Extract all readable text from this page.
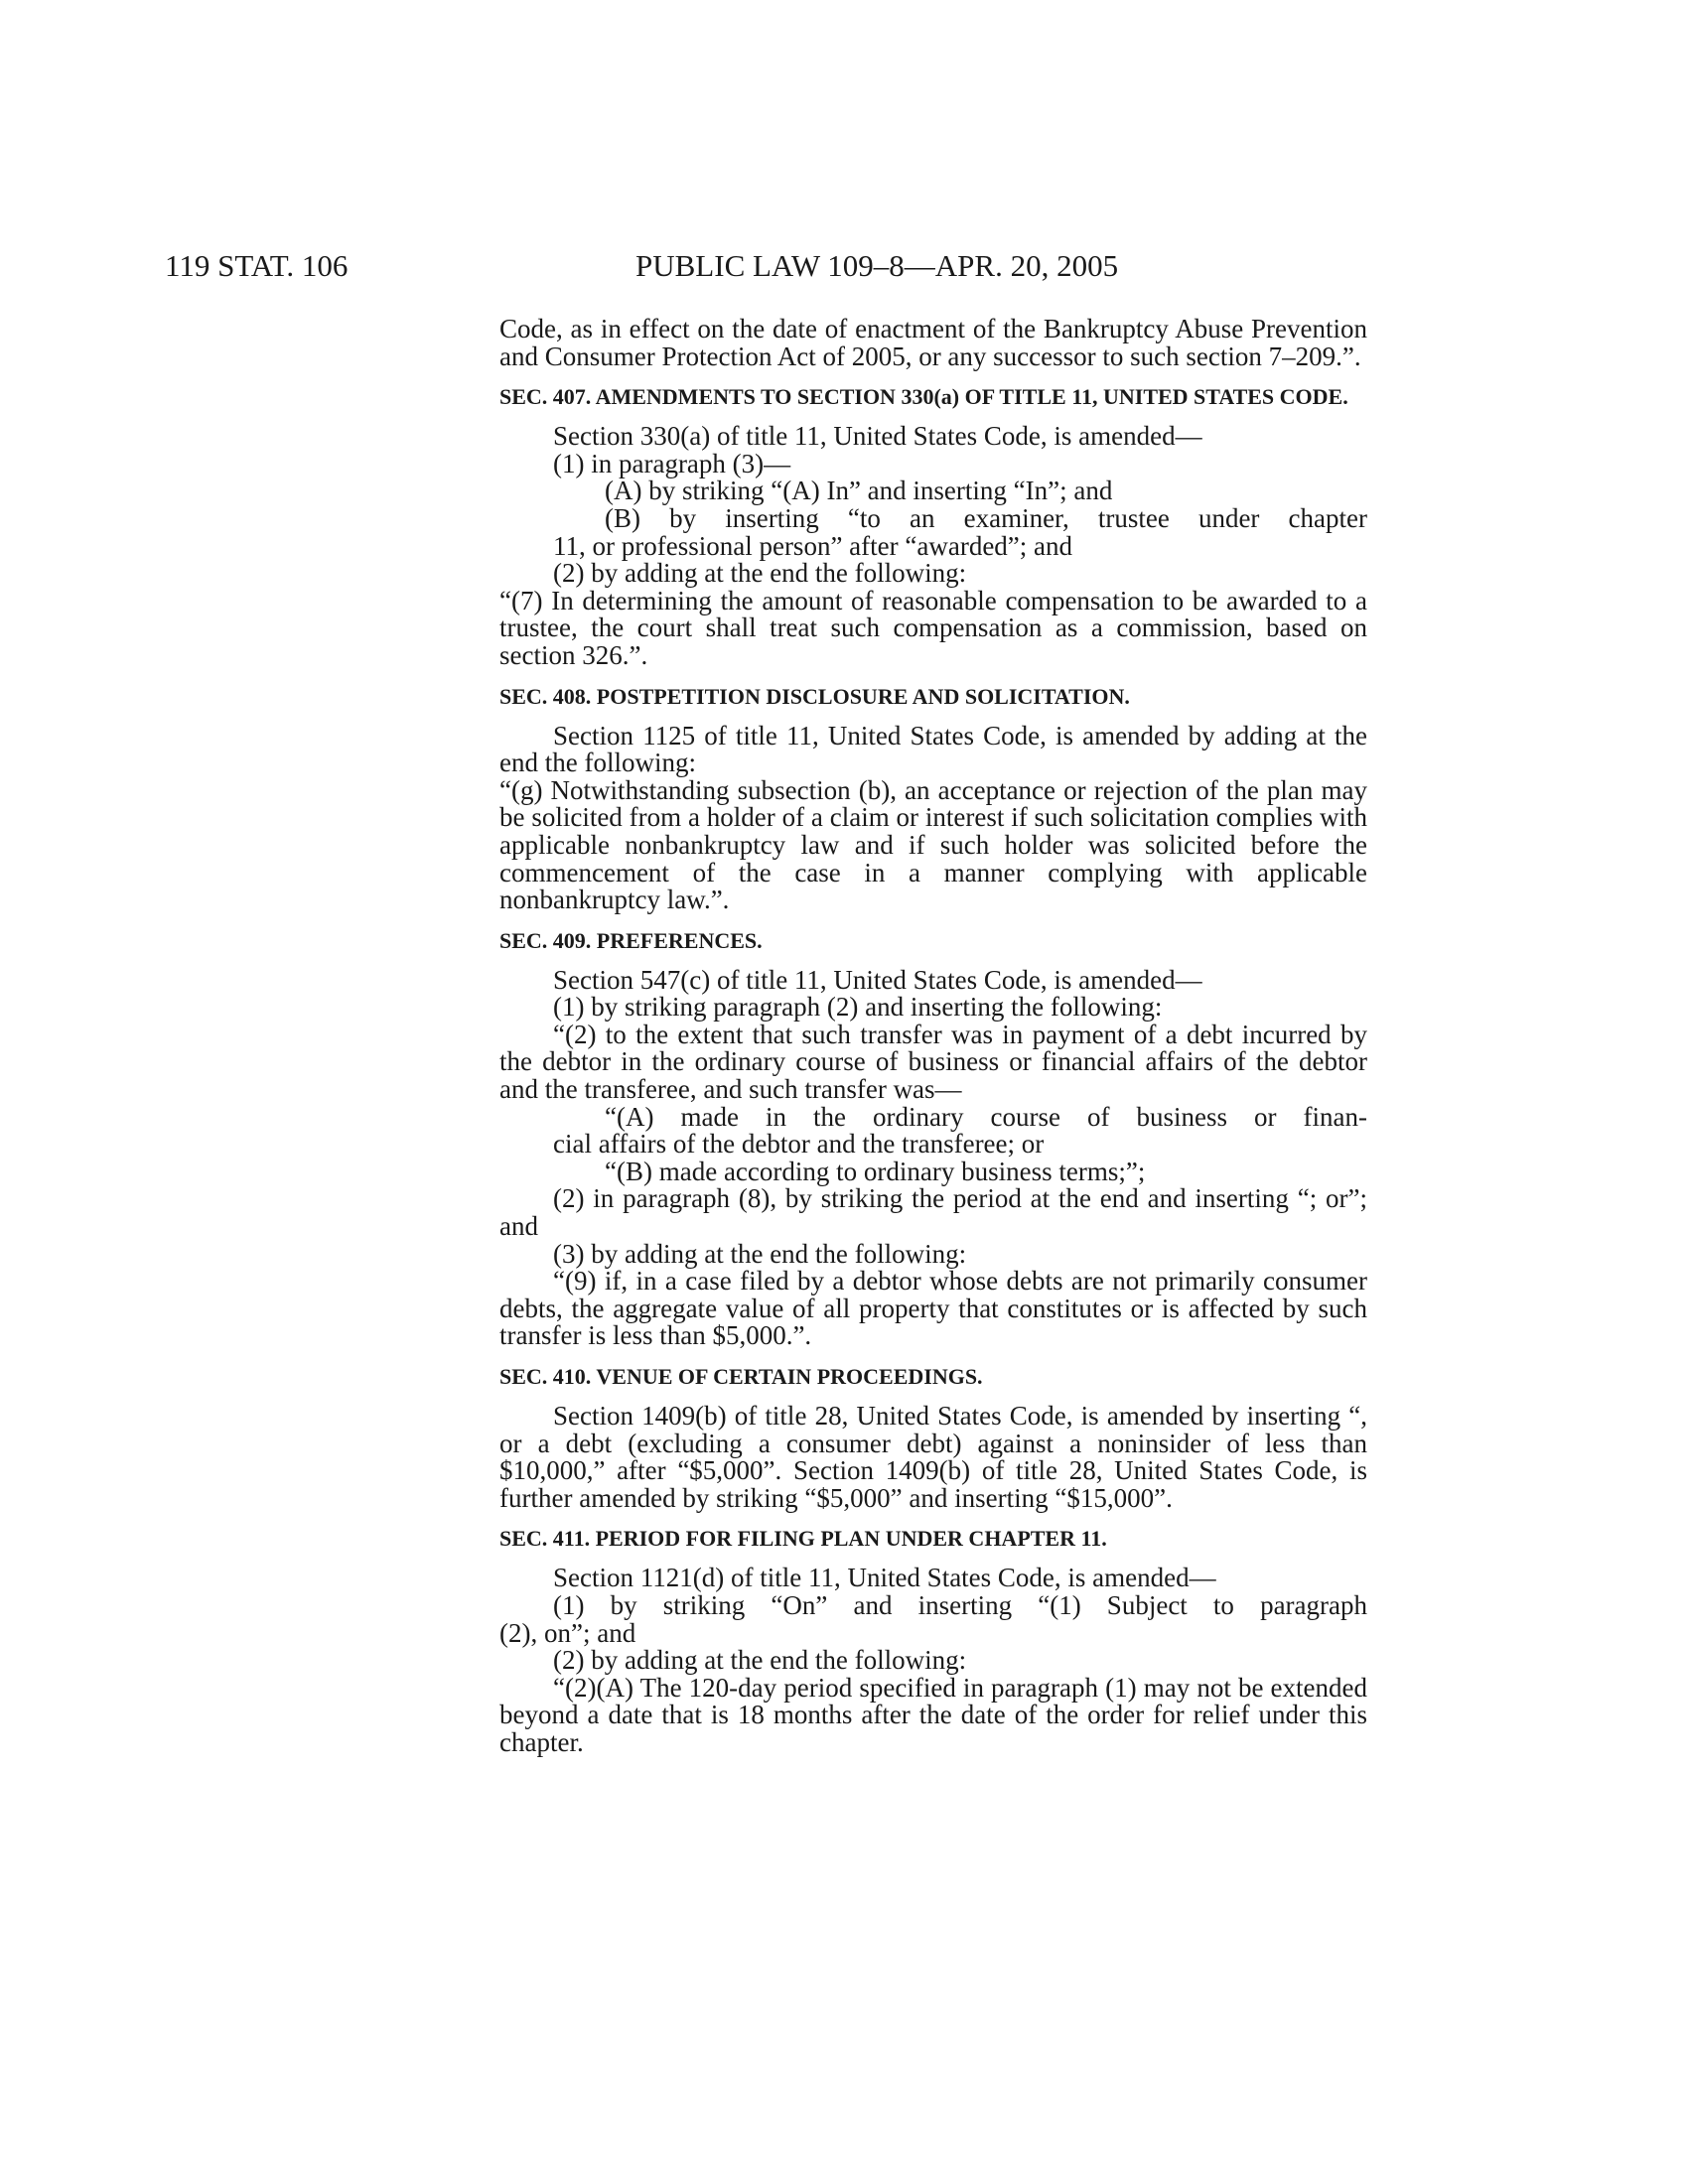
119 STAT. 106	PUBLIC LAW 109–8—APR. 20, 2005

Code, as in effect on the date of enactment of the Bankruptcy Abuse Prevention and Consumer Protection Act of 2005, or any successor to such section 7–209.”.

SEC. 407. AMENDMENTS TO SECTION 330(a) OF TITLE 11, UNITED STATES CODE.

Section 330(a) of title 11, United States Code, is amended—

(1) in paragraph (3)—

(A) by striking “(A) In” and inserting “In”; and

(B) by inserting “to an examiner, trustee under chapter

11, or professional person” after “awarded”; and

(2) by adding at the end the following:

“(7) In determining the amount of reasonable compensation to be awarded to a trustee, the court shall treat such compensation as a commission, based on section 326.”.

SEC. 408. POSTPETITION DISCLOSURE AND SOLICITATION.

Section 1125 of title 11, United States Code, is amended by adding at the end the following:

“(g) Notwithstanding subsection (b), an acceptance or rejection of the plan may be solicited from a holder of a claim or interest if such solicitation complies with applicable nonbankruptcy law and if such holder was solicited before the commencement of the case in a manner complying with applicable nonbankruptcy law.”.

SEC. 409. PREFERENCES.

Section 547(c) of title 11, United States Code, is amended—

(1) by striking paragraph (2) and inserting the following:

“(2) to the extent that such transfer was in payment of a debt incurred by the debtor in the ordinary course of business or financial affairs of the debtor and the transferee, and such transfer was—

“(A) made in the ordinary course of business or finan-

cial affairs of the debtor and the transferee; or

“(B) made according to ordinary business terms;”;

(2) in paragraph (8), by striking the period at the end and inserting “; or”; and

(3) by adding at the end the following:

“(9) if, in a case filed by a debtor whose debts are not primarily consumer debts, the aggregate value of all property that constitutes or is affected by such transfer is less than $5,000.”.

SEC. 410. VENUE OF CERTAIN PROCEEDINGS.

Section 1409(b) of title 28, United States Code, is amended by inserting “, or a debt (excluding a consumer debt) against a noninsider of less than $10,000,” after “$5,000”. Section 1409(b) of title 28, United States Code, is further amended by striking “$5,000” and inserting “$15,000”.

SEC. 411. PERIOD FOR FILING PLAN UNDER CHAPTER 11.

Section 1121(d) of title 11, United States Code, is amended—

(1) by striking “On” and inserting “(1) Subject to paragraph

(2), on”; and

(2) by adding at the end the following:

“(2)(A) The 120-day period specified in paragraph (1) may not be extended beyond a date that is 18 months after the date of the order for relief under this chapter.
